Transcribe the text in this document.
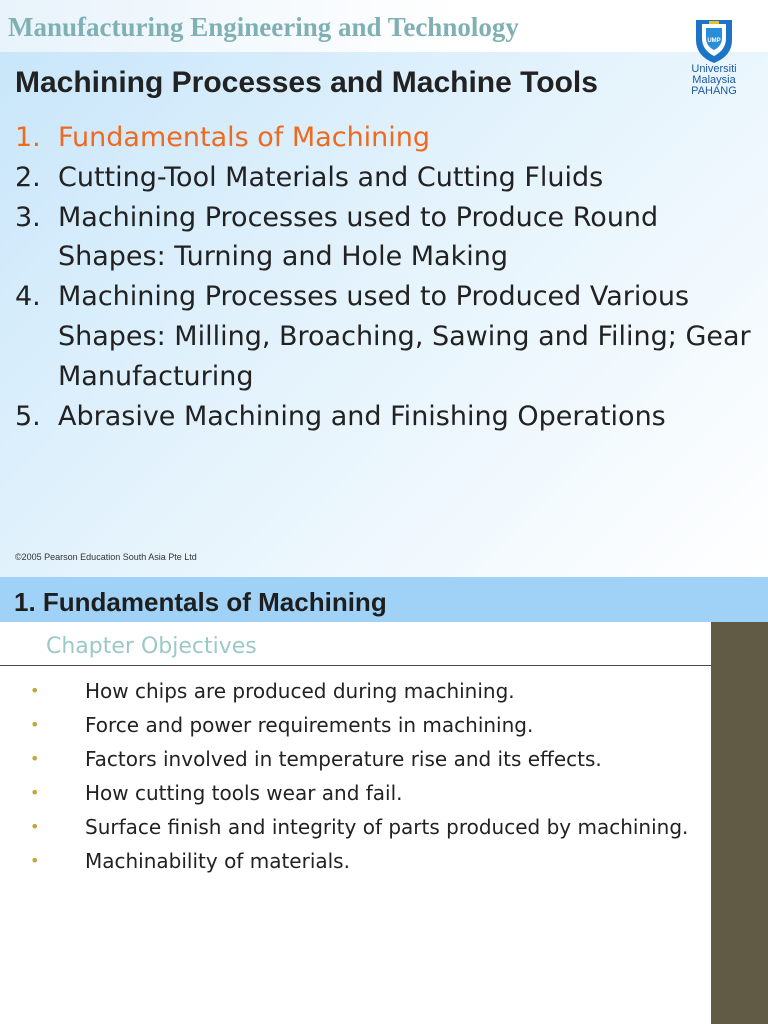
Manufacturing Engineering and Technology	UMP
Universiti
Malaysia
PAHANG
Machining Processes and Machine Tools
1. Fundamentals of Machining
2. Cutting-Tool Materials and Cutting Fluids
3. Machining Processes used to Produce Round Shapes: Turning and Hole Making
4. Machining Processes used to Produced Various Shapes: Milling, Broaching, Sawing and Filing; Gear Manufacturing
5. Abrasive Machining and Finishing Operations
©2005 Pearson Education South Asia Pte Ltd
1. Fundamentals of Machining
Chapter Objectives
•	How chips are produced during machining.
•	Force and power requirements in machining.
•	Factors involved in temperature rise and its effects.
•	How cutting tools wear and fail.
•	Surface finish and integrity of parts produced by machining.
•	Machinability of materials.
